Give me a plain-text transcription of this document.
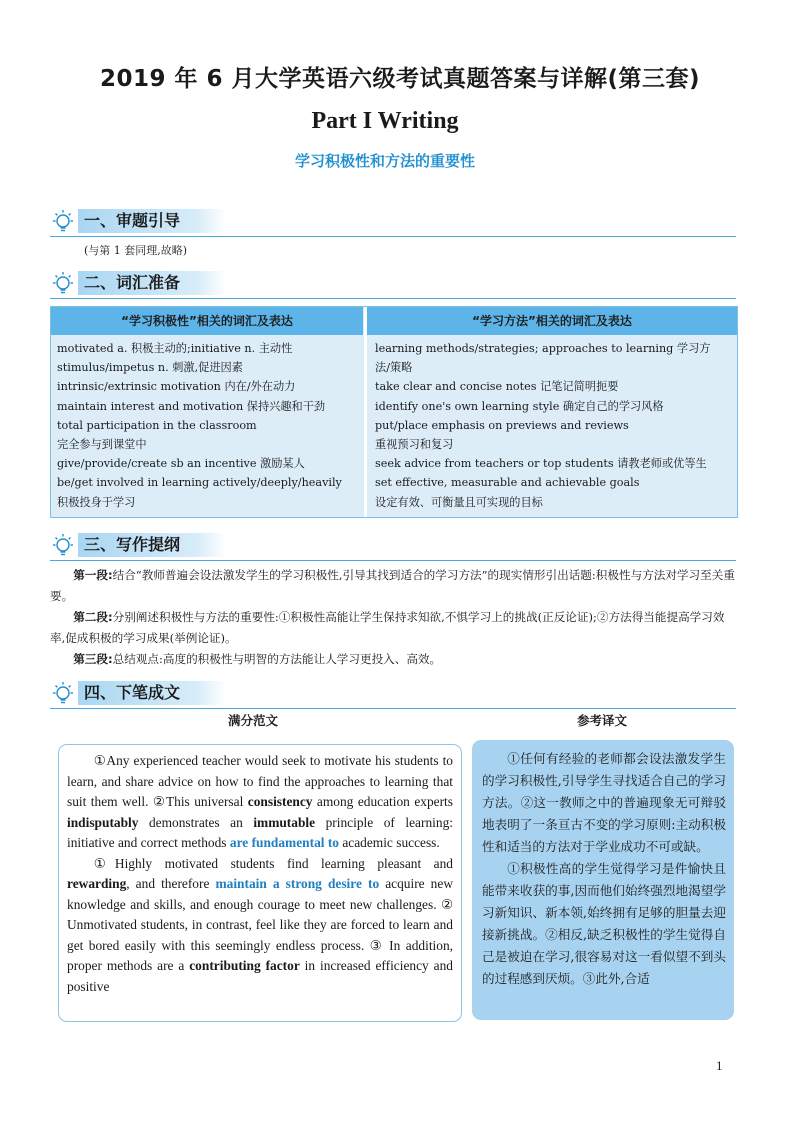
2019 年 6 月大学英语六级考试真题答案与详解(第三套)
Part I Writing
学习积极性和方法的重要性
一、审题引导
(与第 1 套同理,故略)
二、词汇准备
“学习积极性”相关的词汇及表达	“学习方法”相关的词汇及表达
motivated a. 积极主动的;initiative n. 主动性
stimulus/impetus n. 刺激,促进因素
intrinsic/extrinsic motivation 内在/外在动力
maintain interest and motivation 保持兴趣和干劲
total participation in the classroom
完全参与到课堂中
give/provide/create sb an incentive 激励某人
be/get involved in learning actively/deeply/heavily
积极投身于学习
learning methods/strategies; approaches to learning 学习方
法/策略
take clear and concise notes 记笔记简明扼要
identify one's own learning style 确定自己的学习风格
put/place emphasis on previews and reviews
重视预习和复习
seek advice from teachers or top students 请教老师或优等生
set effective, measurable and achievable goals
设定有效、可衡量且可实现的目标
三、写作提纲

第一段:结合“教师普遍会设法激发学生的学习积极性,引导其找到适合的学习方法”的现实情形引出话题:积极性与方法对学习至关重要。

第二段:分别阐述积极性与方法的重要性:①积极性高能让学生保持求知欲,不惧学习上的挑战(正反论证);②方法得当能提高学习效率,促成积极的学习成果(举例论证)。

第三段:总结观点:高度的积极性与明智的方法能让人学习更投入、高效。

四、下笔成文
满分范文	参考译文

①Any experienced teacher would seek to motivate his students to learn, and share advice on how to find the approaches to learning that suit them well. ②This universal consistency among education experts indisputably demonstrates an immutable principle of learning: initiative and correct methods are fundamental to academic success.

①Highly motivated students find learning pleasant and rewarding, and therefore maintain a strong desire to acquire new knowledge and skills, and enough courage to meet new challenges. ② Unmotivated students, in contrast, feel like they are forced to learn and get bored easily with this seemingly endless process. ③ In addition, proper methods are a contributing factor in increased efficiency and positive

①任何有经验的老师都会设法激发学生的学习积极性,引导学生寻找适合自己的学习方法。②这一教师之中的普遍现象无可辩驳地表明了一条亘古不变的学习原则:主动积极性和适当的方法对于学业成功不可或缺。

①积极性高的学生觉得学习是件愉快且能带来收获的事,因而他们始终强烈地渴望学习新知识、新本领,始终拥有足够的胆量去迎接新挑战。②相反,缺乏积极性的学生觉得自己是被迫在学习,很容易对这一看似望不到头的过程感到厌烦。③此外,合适

1
